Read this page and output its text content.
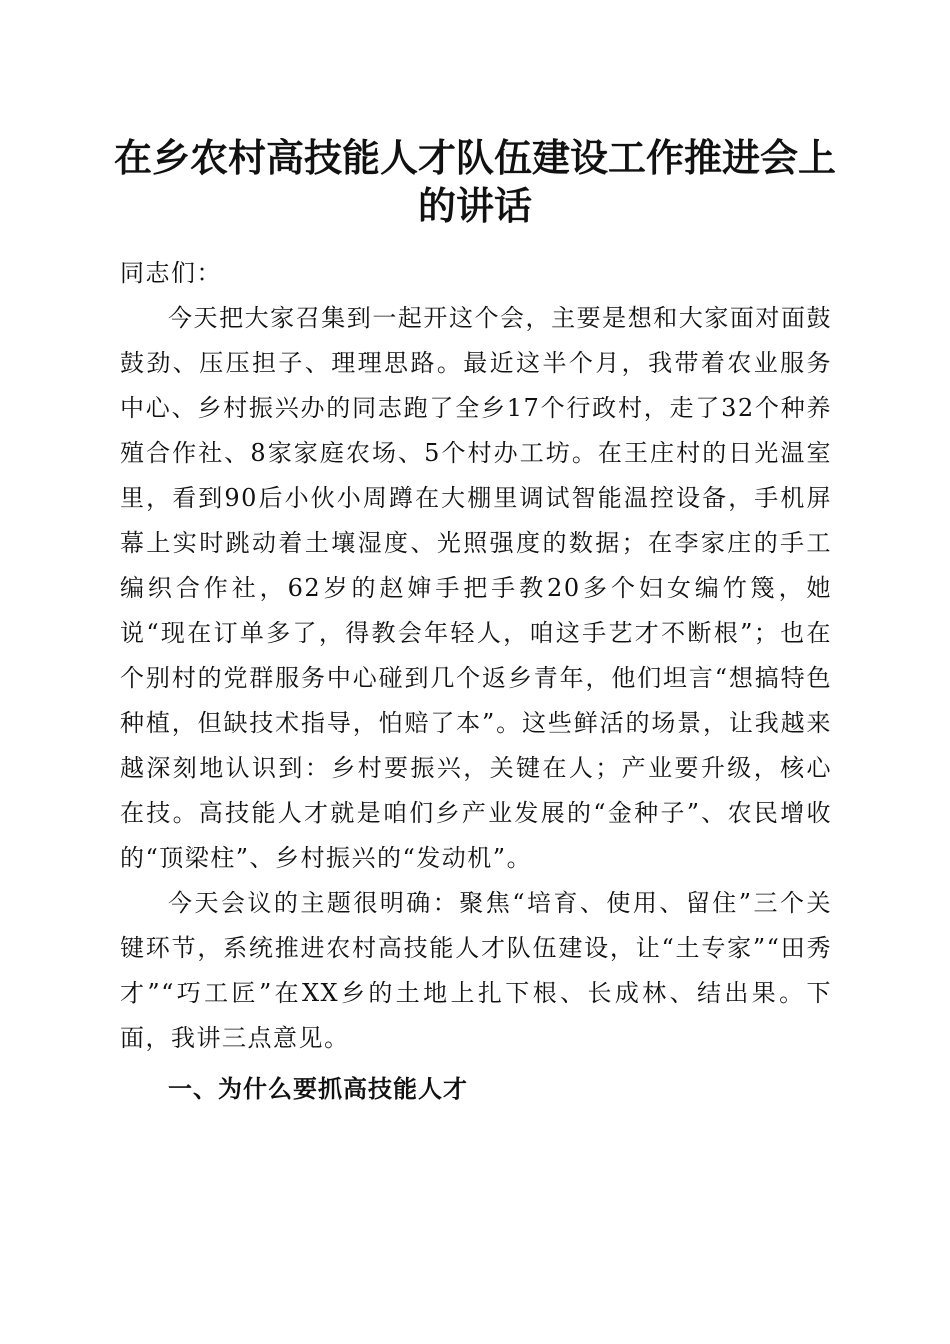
在乡农村高技能人才队伍建设工作推进会上的讲话

同志们：

今天把大家召集到一起开这个会，主要是想和大家面对面鼓鼓劲、压压担子、理理思路。最近这半个月，我带着农业服务中心、乡村振兴办的同志跑了全乡17个行政村，走了32个种养殖合作社、8家家庭农场、5个村办工坊。在王庄村的日光温室里，看到90后小伙小周蹲在大棚里调试智能温控设备，手机屏幕上实时跳动着土壤湿度、光照强度的数据；在李家庄的手工编织合作社，62岁的赵婶手把手教20多个妇女编竹篾，她说“现在订单多了，得教会年轻人，咱这手艺才不断根”；也在个别村的党群服务中心碰到几个返乡青年，他们坦言“想搞特色种植，但缺技术指导，怕赔了本”。这些鲜活的场景，让我越来越深刻地认识到：乡村要振兴，关键在人；产业要升级，核心在技。高技能人才就是咱们乡产业发展的“金种子”、农民增收的“顶梁柱”、乡村振兴的“发动机”。

今天会议的主题很明确：聚焦“培育、使用、留住”三个关键环节，系统推进农村高技能人才队伍建设，让“土专家”“田秀才”“巧工匠”在XX乡的土地上扎下根、长成林、结出果。下面，我讲三点意见。

一、为什么要抓高技能人才
